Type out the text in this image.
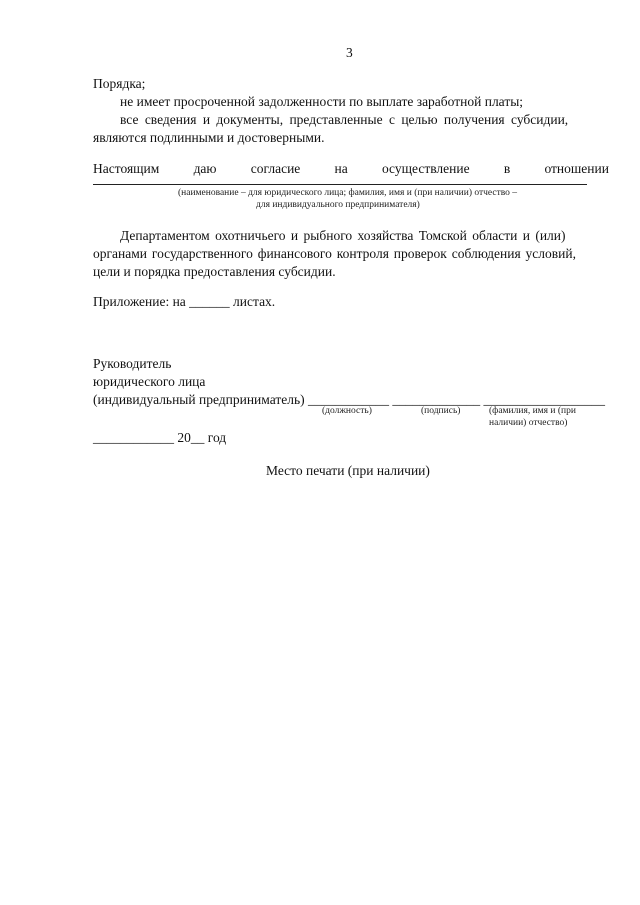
3
Порядка;
не имеет просроченной задолженности по выплате заработной платы;
все сведения и документы, представленные с целью получения субсидии,
являются подлинными и достоверными.
Настоящим	даю	согласие	на	осуществление	в	отношении
(наименование – для юридического лица; фамилия, имя и (при наличии) отчество –
для индивидуального предпринимателя)
Департаментом охотничьего и рыбного хозяйства Томской области и (или)
органами государственного финансового контроля проверок соблюдения условий,
цели и порядка предоставления субсидии.
Приложение: на ______ листах.
Руководитель
юридического лица
(индивидуальный предприниматель) ____________ _____________ __________________
(должность)	(подпись)	(фамилия, имя и (при
наличии) отчество)
____________ 20__ год
Место печати (при наличии)
